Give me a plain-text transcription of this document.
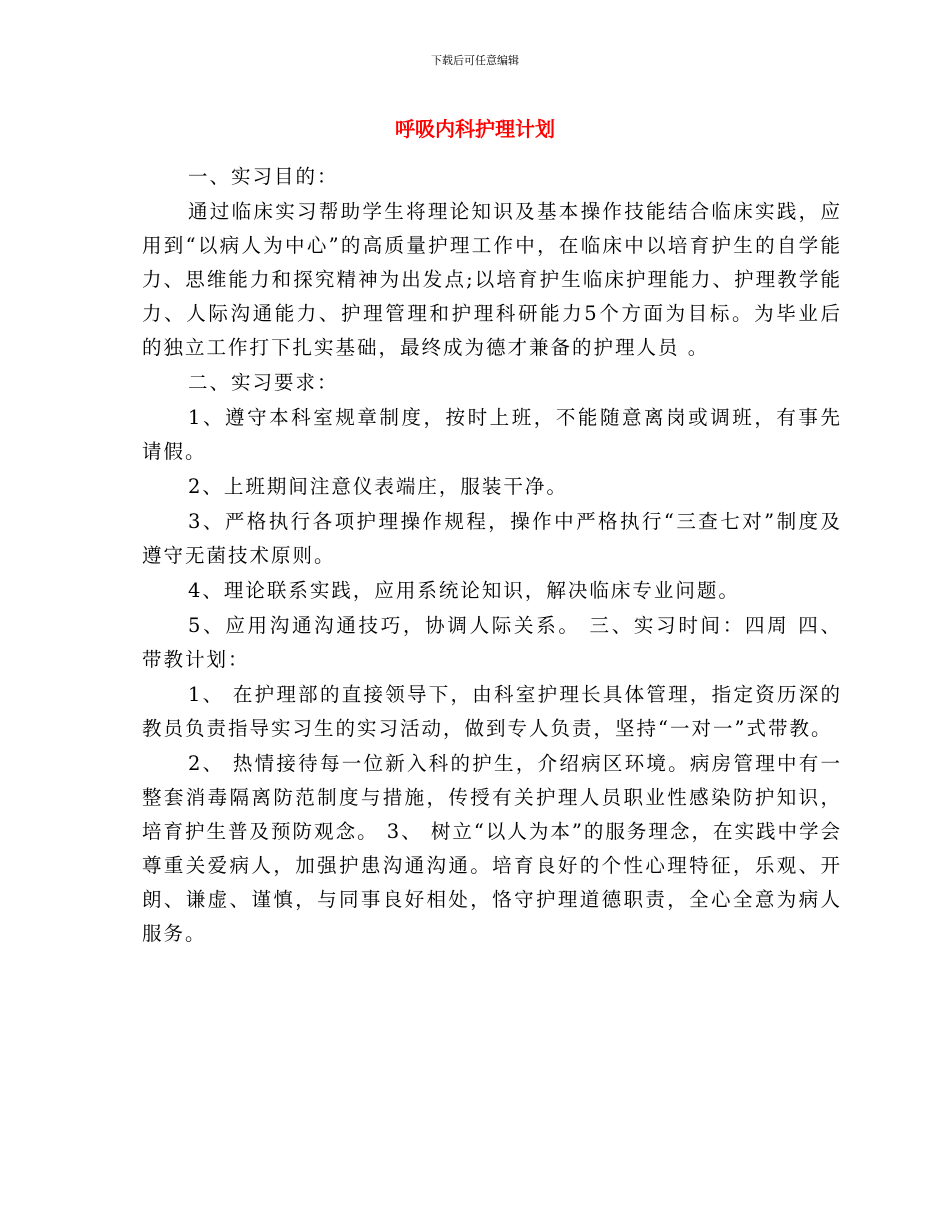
下载后可任意编辑
呼吸内科护理计划

一、实习目的：

通过临床实习帮助学生将理论知识及基本操作技能结合临床实践，应用到“以病人为中心”的高质量护理工作中，在临床中以培育护生的自学能力、思维能力和探究精神为出发点;以培育护生临床护理能力、护理教学能力、人际沟通能力、护理管理和护理科研能力5个方面为目标。为毕业后的独立工作打下扎实基础，最终成为德才兼备的护理人员 。

二、实习要求：

1、遵守本科室规章制度，按时上班，不能随意离岗或调班，有事先请假。

2、上班期间注意仪表端庄，服装干净。

3、严格执行各项护理操作规程，操作中严格执行“三查七对”制度及遵守无菌技术原则。

4、理论联系实践，应用系统论知识，解决临床专业问题。

5、应用沟通沟通技巧，协调人际关系。 三、实习时间：四周 四、带教计划：

1、 在护理部的直接领导下，由科室护理长具体管理，指定资历深的教员负责指导实习生的实习活动，做到专人负责，坚持“一对一”式带教。

2、 热情接待每一位新入科的护生，介绍病区环境。病房管理中有一整套消毒隔离防范制度与措施，传授有关护理人员职业性感染防护知识，培育护生普及预防观念。 3、 树立“以人为本”的服务理念，在实践中学会尊重关爱病人，加强护患沟通沟通。培育良好的个性心理特征，乐观、开朗、谦虚、谨慎，与同事良好相处，恪守护理道德职责，全心全意为病人服务。
